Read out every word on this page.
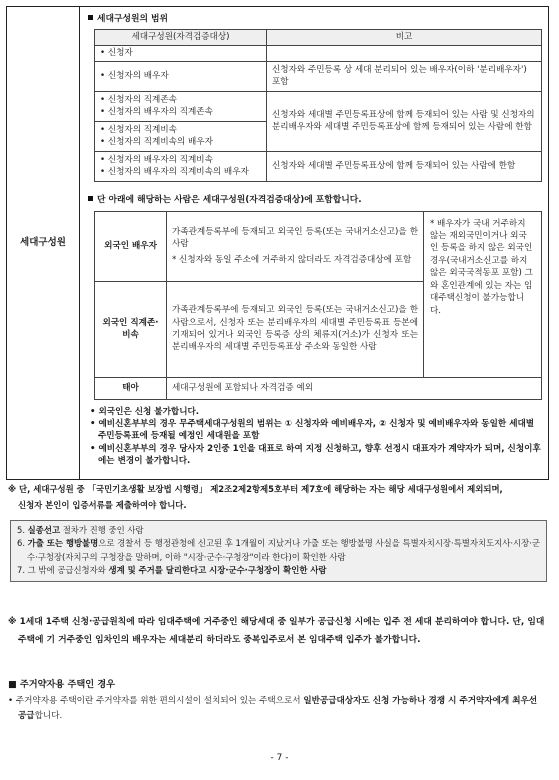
세대구성원
세대구성원의 범위
세대구성원(자격검증대상)	비고

• 신청자	

• 신청자의 배우자	신청자와 주민등록 상 세대 분리되어 있는 배우자(이하 '분리배우자') 포함

• 신청자의 직계존속
• 신청자의 배우자의 직계존속	신청자와 세대별 주민등록표상에 함께 등재되어 있는 사람 및 신청자의 분리배우자와 세대별 주민등록표상에 함께 등재되어 있는 사람에 한함

• 신청자의 직계비속
• 신청자의 직계비속의 배우자	

• 신청자의 배우자의 직계비속
• 신청자의 배우자의 직계비속의 배우자	신청자와 세대별 주민등록표상에 함께 등재되어 있는 사람에 한함
단 아래에 해당하는 사람은 세대구성원(자격검증대상)에 포함합니다.
외국인 배우자	가족관계등록부에 등재되고 외국인 등록(또는 국내거소신고)을 한 사람
* 신청자와 동일 주소에 거주하지 않더라도 자격검증대상에 포함	* 배우자가 국내 거주하지 않는 재외국민이거나 외국인 등록을 하지 않은 외국인 경우(국내거소신고를 하지 않은 외국국적동포 포함) 그와 혼인관계에 있는 자는 임대주택신청이 불가능합니다.
외국인 직계존·비속	가족관계등록부에 등재되고 외국인 등록(또는 국내거소신고)을 한 사람으로서, 신청자 또는 분리배우자의 세대별 주민등록표 등본에 기재되어 있거나 외국인 등록증 상의 체류지(거소)가 신청자 또는 분리배우자의 세대별 주민등록표상 주소와 동일한 사람	
태아	세대구성원에 포함되나 자격검증 예외	
• 외국인은 신청 불가합니다.
• 예비신혼부부의 경우 무주택세대구성원의 범위는 ① 신청자와 예비배우자, ② 신청자 및 예비배우자와 동일한 세대별 주민등록표에 등재될 예정인 세대원을 포함
• 예비신혼부부의 경우 당사자 2인중 1인을 대표로 하여 지정 신청하고, 향후 선정시 대표자가 계약자가 되며, 신청이후에는 변경이 불가합니다.
※ 단, 세대구성원 중 「국민기초생활 보장법 시행령」 제2조2제2항제5호부터 제7호에 해당하는 자는 해당 세대구성원에서 제외되며,
신청자 본인이 입증서류를 제출하여야 합니다.
5. 실종선고 절차가 진행 중인 사람
6. 가출 또는 행방불명으로 경찰서 등 행정관청에 신고된 후 1개월이 지났거나 가출 또는 행방불명 사실을 특별자치시장·특별자치도지사·시장·군수·구청장(자치구의 구청장을 말하며, 이하 "시장·군수·구청장"이라 한다)이 확인한 사람
7. 그 밖에 공급신청자와 생계 및 주거를 달리한다고 시장·군수·구청장이 확인한 사람
※ 1세대 1주택 신청·공급원칙에 따라 임대주택에 거주중인 해당세대 중 일부가 공급신청 시에는 입주 전 세대 분리하여야 합니다. 단, 임대주택에 기 거주중인 임차인의 배우자는 세대분리 하더라도 중복입주로서 본 임대주택 입주가 불가합니다.
■ 주거약자용 주택인 경우
• 주거약자용 주택이란 주거약자를 위한 편의시설이 설치되어 있는 주택으로서 일반공급대상자도 신청 가능하나 경쟁 시 주거약자에게 최우선 공급합니다.
- 7 -
